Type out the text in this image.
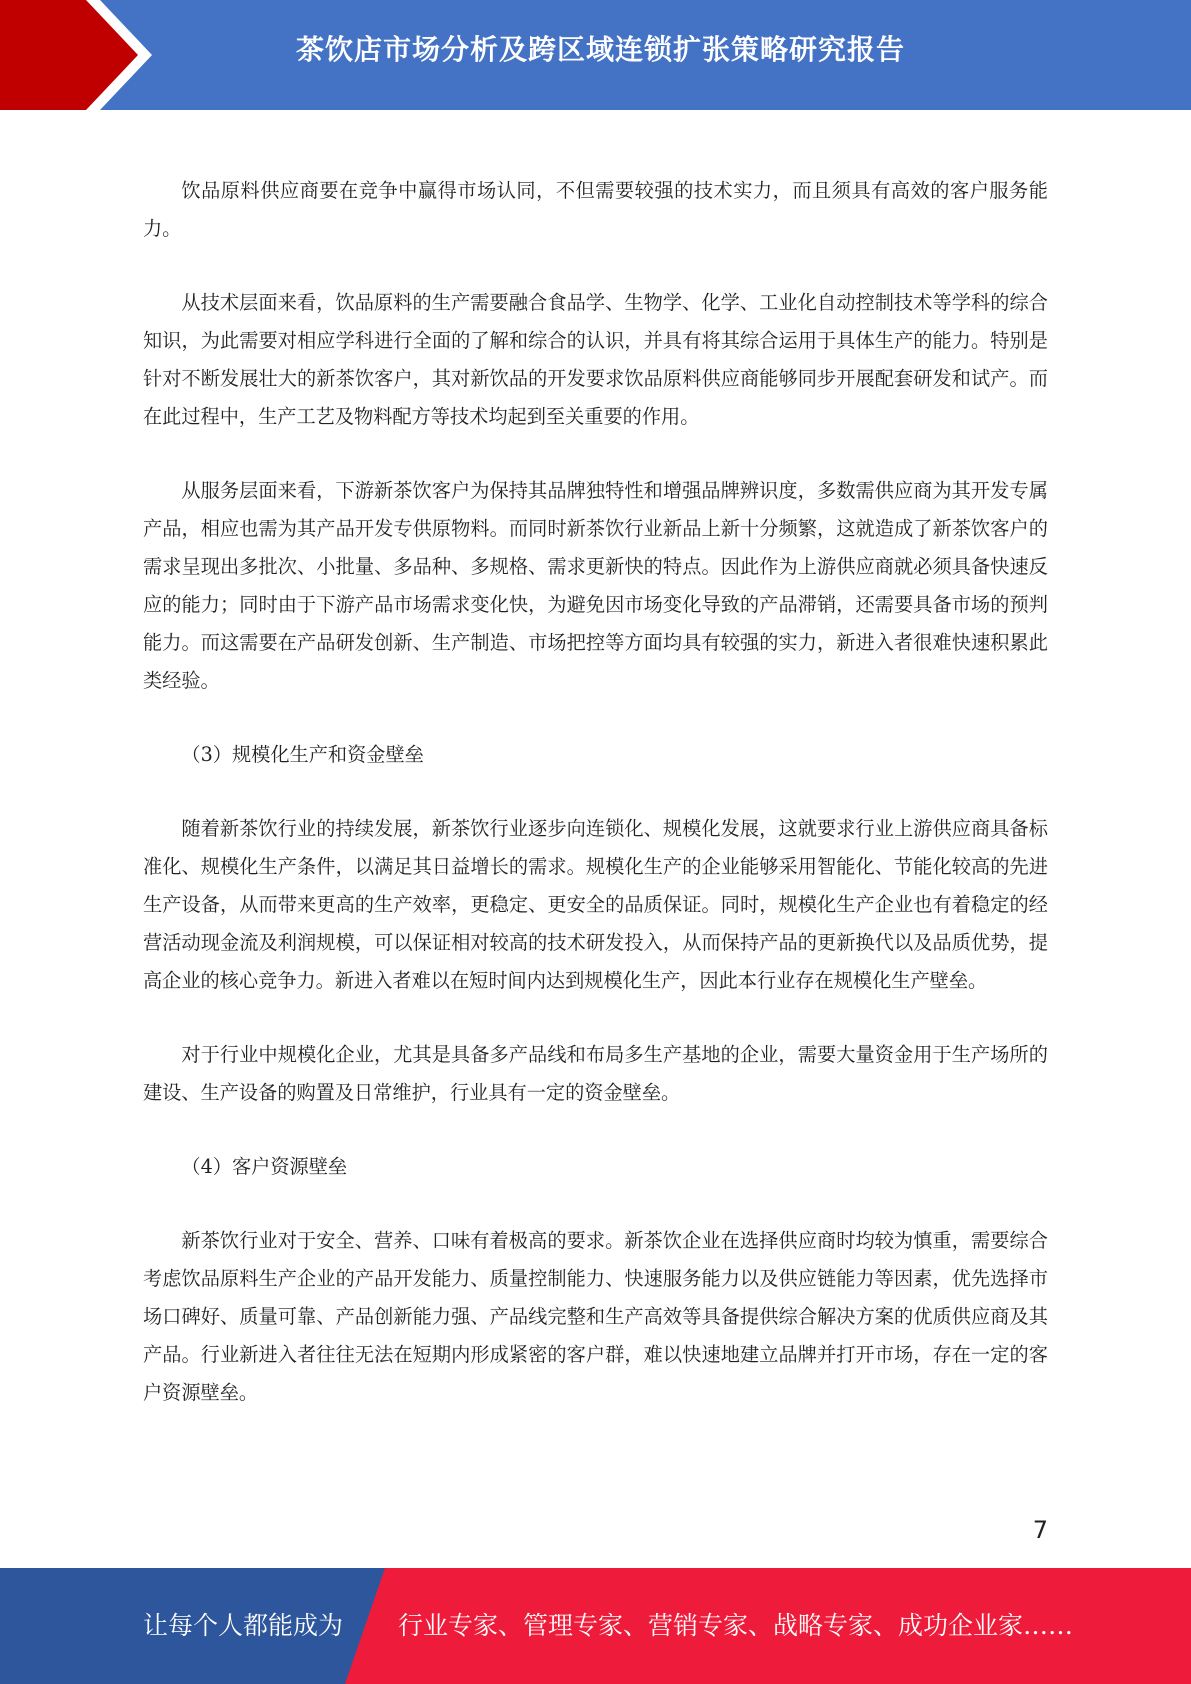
茶饮店市场分析及跨区域连锁扩张策略研究报告

饮品原料供应商要在竞争中赢得市场认同，不但需要较强的技术实力，而且须具有高效的客户服务能力。

从技术层面来看，饮品原料的生产需要融合食品学、生物学、化学、工业化自动控制技术等学科的综合知识，为此需要对相应学科进行全面的了解和综合的认识，并具有将其综合运用于具体生产的能力。特别是针对不断发展壮大的新茶饮客户，其对新饮品的开发要求饮品原料供应商能够同步开展配套研发和试产。而在此过程中，生产工艺及物料配方等技术均起到至关重要的作用。

从服务层面来看，下游新茶饮客户为保持其品牌独特性和增强品牌辨识度，多数需供应商为其开发专属产品，相应也需为其产品开发专供原物料。而同时新茶饮行业新品上新十分频繁，这就造成了新茶饮客户的需求呈现出多批次、小批量、多品种、多规格、需求更新快的特点。因此作为上游供应商就必须具备快速反应的能力；同时由于下游产品市场需求变化快，为避免因市场变化导致的产品滞销，还需要具备市场的预判能力。而这需要在产品研发创新、生产制造、市场把控等方面均具有较强的实力，新进入者很难快速积累此类经验。

（3）规模化生产和资金壁垒

随着新茶饮行业的持续发展，新茶饮行业逐步向连锁化、规模化发展，这就要求行业上游供应商具备标准化、规模化生产条件，以满足其日益增长的需求。规模化生产的企业能够采用智能化、节能化较高的先进生产设备，从而带来更高的生产效率，更稳定、更安全的品质保证。同时，规模化生产企业也有着稳定的经营活动现金流及利润规模，可以保证相对较高的技术研发投入，从而保持产品的更新换代以及品质优势，提高企业的核心竞争力。新进入者难以在短时间内达到规模化生产，因此本行业存在规模化生产壁垒。

对于行业中规模化企业，尤其是具备多产品线和布局多生产基地的企业，需要大量资金用于生产场所的建设、生产设备的购置及日常维护，行业具有一定的资金壁垒。

（4）客户资源壁垒

新茶饮行业对于安全、营养、口味有着极高的要求。新茶饮企业在选择供应商时均较为慎重，需要综合考虑饮品原料生产企业的产品开发能力、质量控制能力、快速服务能力以及供应链能力等因素，优先选择市场口碑好、质量可靠、产品创新能力强、产品线完整和生产高效等具备提供综合解决方案的优质供应商及其产品。行业新进入者往往无法在短期内形成紧密的客户群，难以快速地建立品牌并打开市场，存在一定的客户资源壁垒。

7
让每个人都能成为 行业专家、管理专家、营销专家、战略专家、成功企业家……
